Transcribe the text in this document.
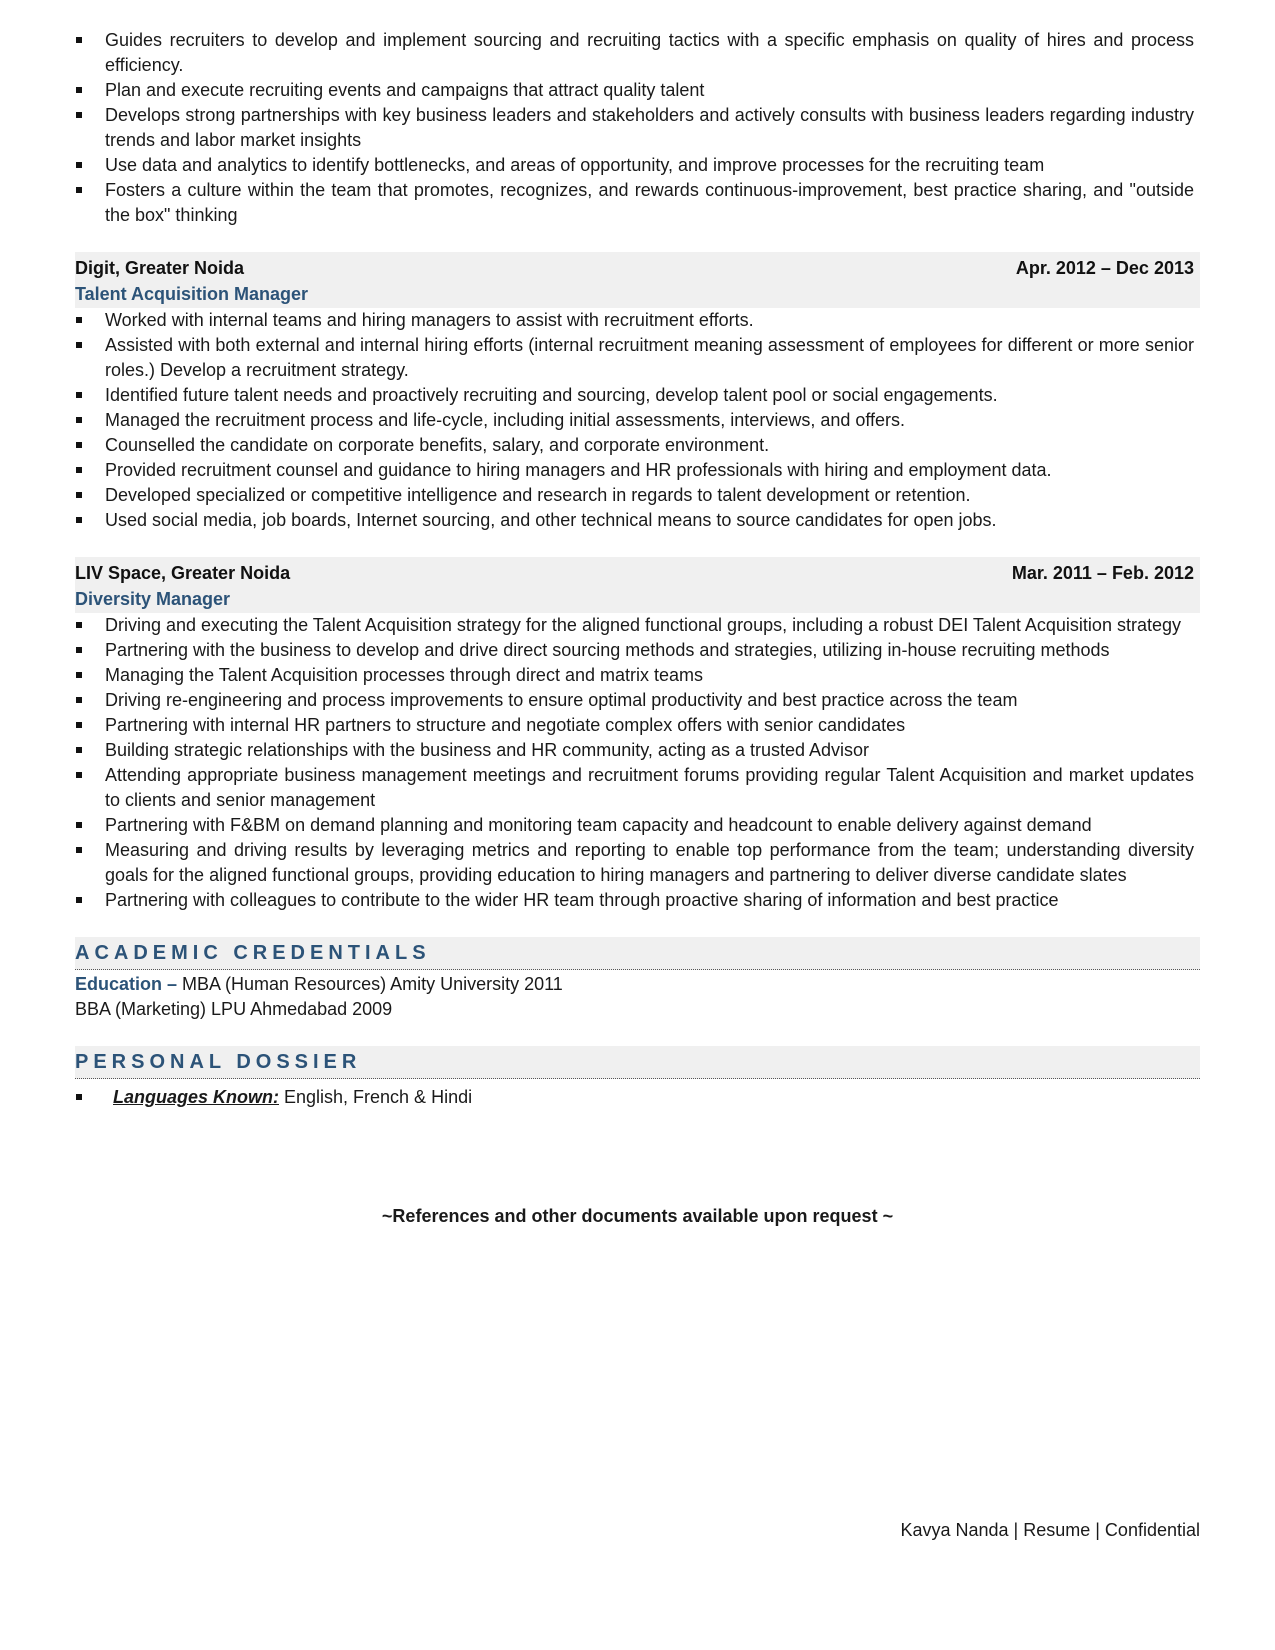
Guides recruiters to develop and implement sourcing and recruiting tactics with a specific emphasis on quality of hires and process efficiency.
Plan and execute recruiting events and campaigns that attract quality talent
Develops strong partnerships with key business leaders and stakeholders and actively consults with business leaders regarding industry trends and labor market insights
Use data and analytics to identify bottlenecks, and areas of opportunity, and improve processes for the recruiting team
Fosters a culture within the team that promotes, recognizes, and rewards continuous-improvement, best practice sharing, and "outside the box" thinking
Digit, Greater Noida	Apr. 2012 – Dec 2013
Talent Acquisition Manager
Worked with internal teams and hiring managers to assist with recruitment efforts.
Assisted with both external and internal hiring efforts (internal recruitment meaning assessment of employees for different or more senior roles.) Develop a recruitment strategy.
Identified future talent needs and proactively recruiting and sourcing, develop talent pool or social engagements.
Managed the recruitment process and life-cycle, including initial assessments, interviews, and offers.
Counselled the candidate on corporate benefits, salary, and corporate environment.
Provided recruitment counsel and guidance to hiring managers and HR professionals with hiring and employment data.
Developed specialized or competitive intelligence and research in regards to talent development or retention.
Used social media, job boards, Internet sourcing, and other technical means to source candidates for open jobs.
LIV Space, Greater Noida	Mar. 2011 – Feb. 2012
Diversity Manager
Driving and executing the Talent Acquisition strategy for the aligned functional groups, including a robust DEI Talent Acquisition strategy
Partnering with the business to develop and drive direct sourcing methods and strategies, utilizing in-house recruiting methods
Managing the Talent Acquisition processes through direct and matrix teams
Driving re-engineering and process improvements to ensure optimal productivity and best practice across the team
Partnering with internal HR partners to structure and negotiate complex offers with senior candidates
Building strategic relationships with the business and HR community, acting as a trusted Advisor
Attending appropriate business management meetings and recruitment forums providing regular Talent Acquisition and market updates to clients and senior management
Partnering with F&BM on demand planning and monitoring team capacity and headcount to enable delivery against demand
Measuring and driving results by leveraging metrics and reporting to enable top performance from the team; understanding diversity goals for the aligned functional groups, providing education to hiring managers and partnering to deliver diverse candidate slates
Partnering with colleagues to contribute to the wider HR team through proactive sharing of information and best practice
ACADEMIC CREDENTIALS
Education – MBA (Human Resources) Amity University 2011
BBA (Marketing) LPU Ahmedabad 2009
PERSONAL DOSSIER
Languages Known: English, French & Hindi
~References and other documents available upon request ~
Kavya Nanda | Resume | Confidential
